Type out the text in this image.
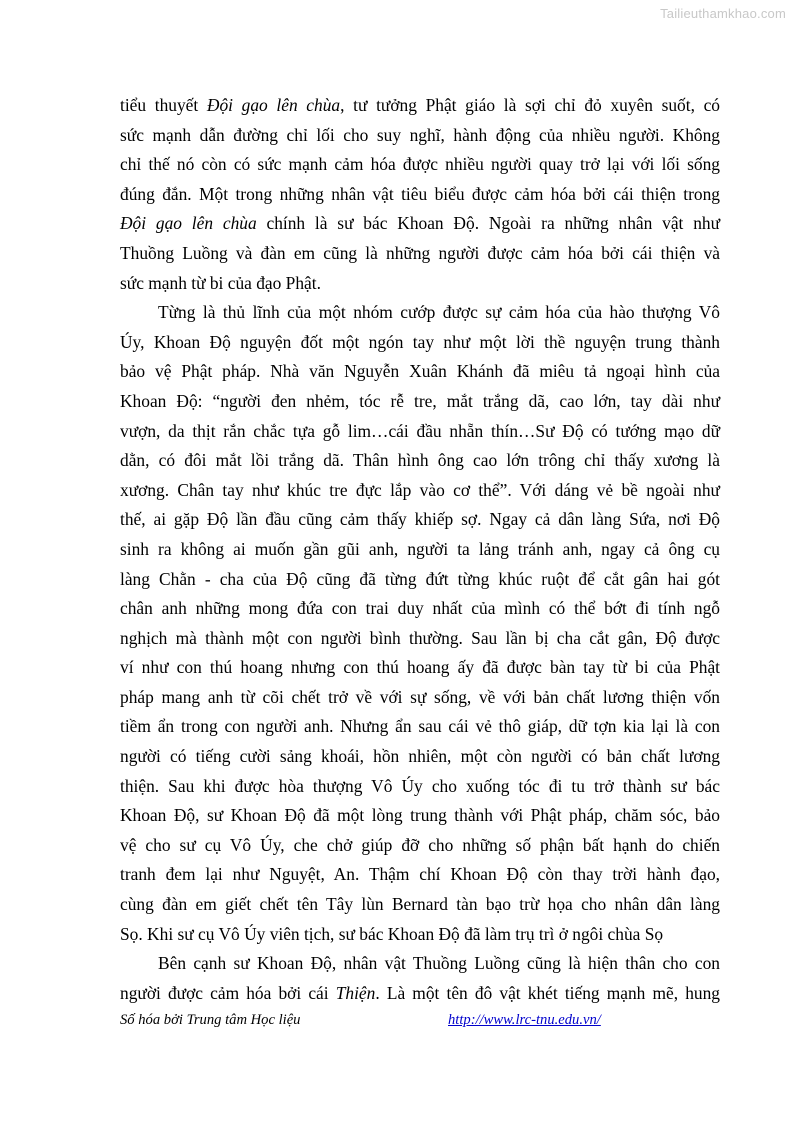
Tailieuthamkhao.com
tiểu thuyết Đội gạo lên chùa, tư tưởng Phật giáo là sợi chỉ đỏ xuyên suốt, có
sức mạnh dẫn đường chỉ lối cho suy nghĩ, hành động của nhiều người. Không
chỉ thế nó còn có sức mạnh cảm hóa được nhiều người quay trở lại với lối sống
đúng đắn. Một trong những nhân vật tiêu biểu được cảm hóa bởi cái thiện trong
Đội gạo lên chùa chính là sư bác Khoan Độ. Ngoài ra những nhân vật như
Thuồng Luồng và đàn em cũng là những người được cảm hóa bởi cái thiện và
sức mạnh từ bi của đạo Phật.
Từng là thủ lĩnh của một nhóm cướp được sự cảm hóa của hào thượng Vô
Úy, Khoan Độ nguyện đốt một ngón tay như một lời thề nguyện trung thành
bảo vệ Phật pháp. Nhà văn Nguyễn Xuân Khánh đã miêu tả ngoại hình của
Khoan Độ: “người đen nhẻm, tóc rễ tre, mắt trắng dã, cao lớn, tay dài như
vượn, da thịt rắn chắc tựa gỗ lim…cái đầu nhẵn thín…Sư Độ có tướng mạo dữ
dằn, có đôi mắt lồi trắng dã. Thân hình ông cao lớn trông chỉ thấy xương là
xương. Chân tay như khúc tre đực lắp vào cơ thể”. Với dáng vẻ bề ngoài như
thế, ai gặp Độ lần đầu cũng cảm thấy khiếp sợ. Ngay cả dân làng Sứa, nơi Độ
sinh ra không ai muốn gần gũi anh, người ta lảng tránh anh, ngay cả ông cụ
làng Chằn - cha của Độ cũng đã từng đứt từng khúc ruột để cắt gân hai gót
chân anh những mong đứa con trai duy nhất của mình có thể bớt đi tính ngỗ
nghịch mà thành một con người bình thường. Sau lần bị cha cắt gân, Độ được
ví như con thú hoang nhưng con thú hoang ấy đã được bàn tay từ bi của Phật
pháp mang anh từ cõi chết trở về với sự sống, về với bản chất lương thiện vốn
tiềm ẩn trong con người anh. Nhưng ẩn sau cái vẻ thô giáp, dữ tợn kia lại là con
người có tiếng cười sảng khoái, hồn nhiên, một còn người có bản chất lương
thiện. Sau khi được hòa thượng Vô Úy cho xuống tóc đi tu trở thành sư bác
Khoan Độ, sư Khoan Độ đã một lòng trung thành với Phật pháp, chăm sóc, bảo
vệ cho sư cụ Vô Úy, che chở giúp đỡ cho những số phận bất hạnh do chiến
tranh đem lại như Nguyệt, An. Thậm chí Khoan Độ còn thay trời hành đạo,
cùng đàn em giết chết tên Tây lùn Bernard tàn bạo trừ họa cho nhân dân làng
Sọ. Khi sư cụ Vô Úy viên tịch, sư bác Khoan Độ đã làm trụ trì ở ngôi chùa Sọ
Bên cạnh sư Khoan Độ, nhân vật Thuồng Luồng cũng là hiện thân cho con
người được cảm hóa bởi cái Thiện. Là một tên đô vật khét tiếng mạnh mẽ, hung
Số hóa bởi Trung tâm Học liệu	http://www.lrc-tnu.edu.vn/
